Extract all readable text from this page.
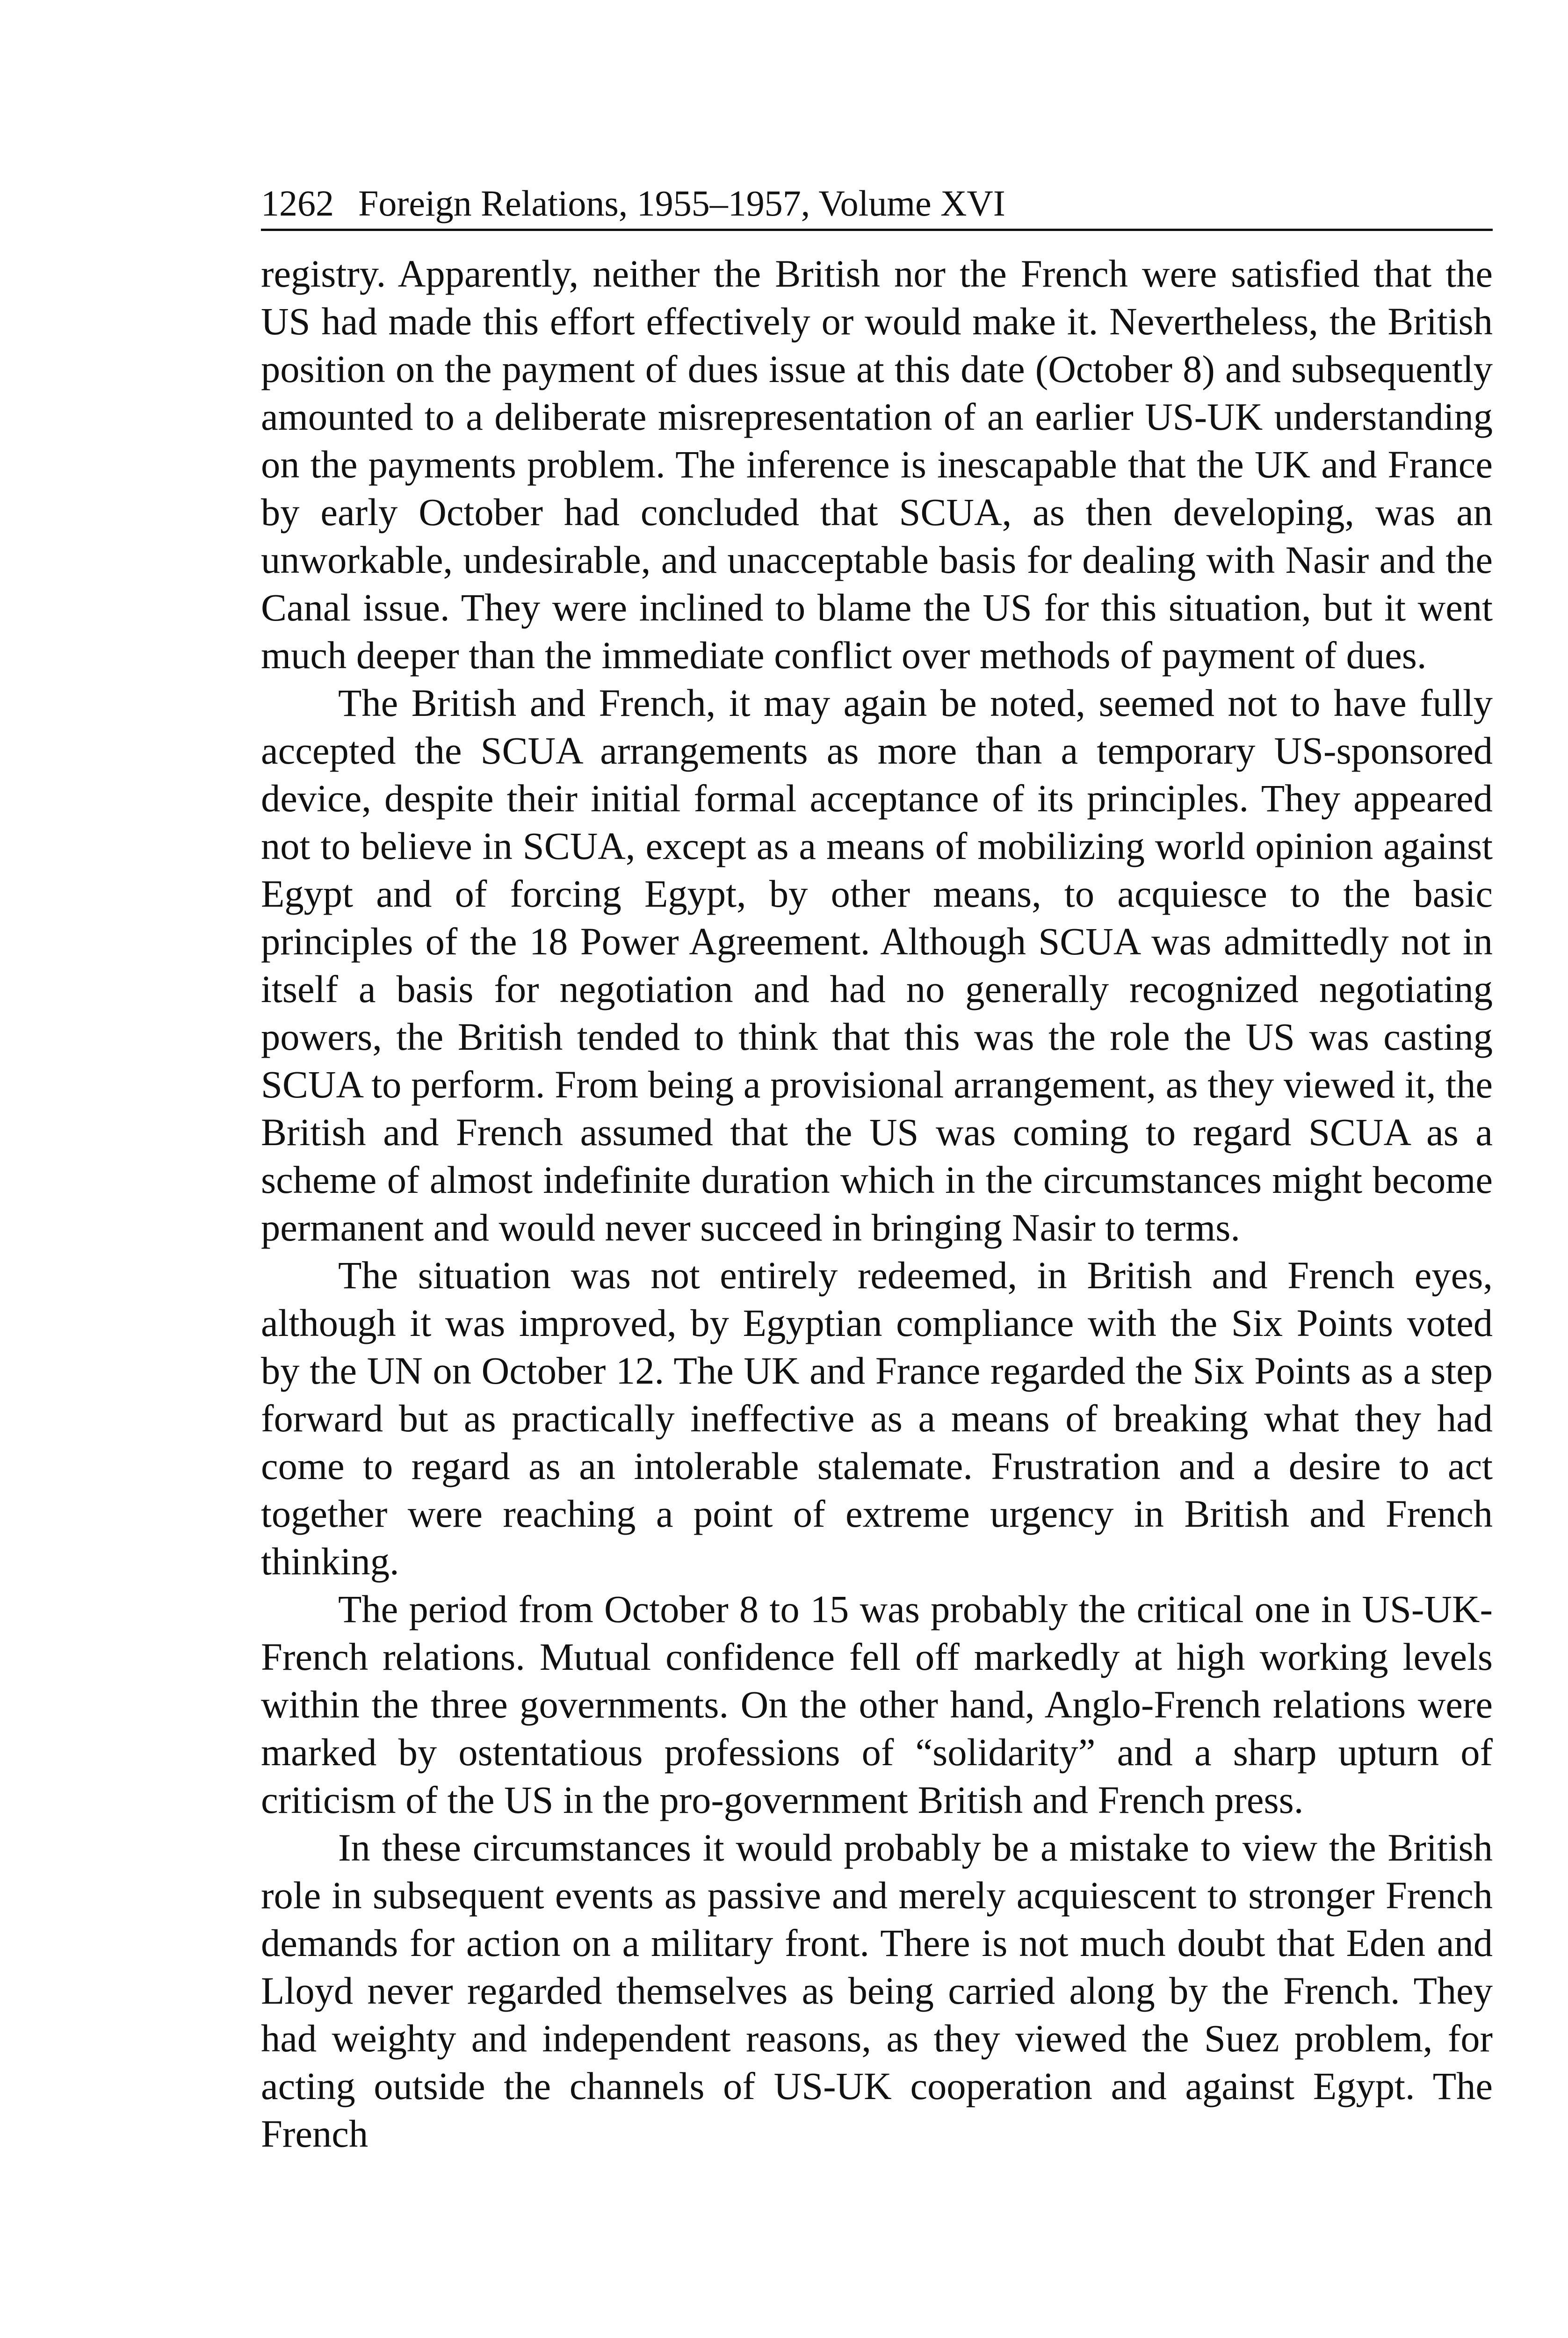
1262 Foreign Relations, 1955–1957, Volume XVI

registry. Apparently, neither the British nor the French were satisfied that the US had made this effort effectively or would make it. Nevertheless, the British position on the payment of dues issue at this date (October 8) and subsequently amounted to a deliberate misrepresentation of an earlier US-UK understanding on the payments problem. The inference is inescapable that the UK and France by early October had concluded that SCUA, as then developing, was an unworkable, undesirable, and unacceptable basis for dealing with Nasir and the Canal issue. They were inclined to blame the US for this situation, but it went much deeper than the immediate conflict over methods of payment of dues.

The British and French, it may again be noted, seemed not to have fully accepted the SCUA arrangements as more than a temporary US-sponsored device, despite their initial formal acceptance of its principles. They appeared not to believe in SCUA, except as a means of mobilizing world opinion against Egypt and of forcing Egypt, by other means, to acquiesce to the basic principles of the 18 Power Agreement. Although SCUA was admittedly not in itself a basis for negotiation and had no generally recognized negotiating powers, the British tended to think that this was the role the US was casting SCUA to perform. From being a provisional arrangement, as they viewed it, the British and French assumed that the US was coming to regard SCUA as a scheme of almost indefinite duration which in the circumstances might become permanent and would never succeed in bringing Nasir to terms.

The situation was not entirely redeemed, in British and French eyes, although it was improved, by Egyptian compliance with the Six Points voted by the UN on October 12. The UK and France regarded the Six Points as a step forward but as practically ineffective as a means of breaking what they had come to regard as an intolerable stalemate. Frustration and a desire to act together were reaching a point of extreme urgency in British and French thinking.

The period from October 8 to 15 was probably the critical one in US-UK-French relations. Mutual confidence fell off markedly at high working levels within the three governments. On the other hand, Anglo-French relations were marked by ostentatious professions of “solidarity” and a sharp upturn of criticism of the US in the pro-government British and French press.

In these circumstances it would probably be a mistake to view the British role in subsequent events as passive and merely acquiescent to stronger French demands for action on a military front. There is not much doubt that Eden and Lloyd never regarded themselves as being carried along by the French. They had weighty and independent reasons, as they viewed the Suez problem, for acting outside the channels of US-UK cooperation and against Egypt. The French
